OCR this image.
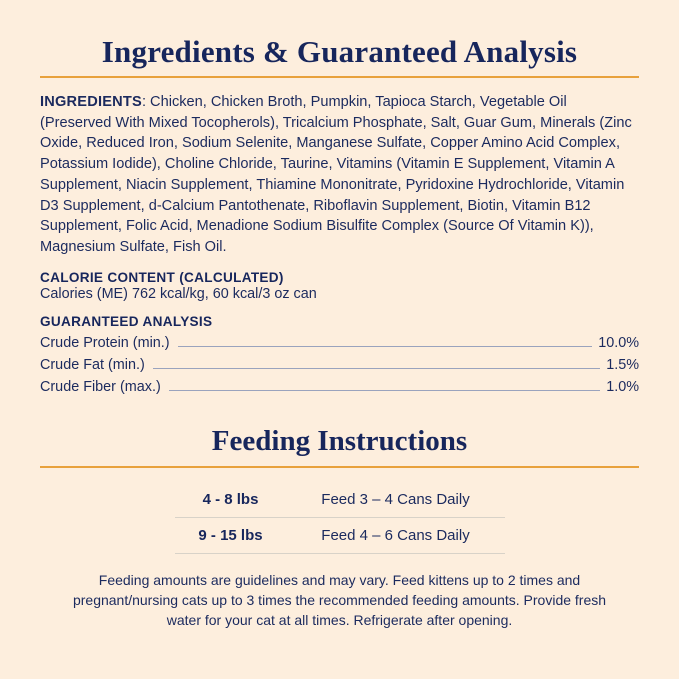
Ingredients & Guaranteed Analysis

INGREDIENTS: Chicken, Chicken Broth, Pumpkin, Tapioca Starch, Vegetable Oil (Preserved With Mixed Tocopherols), Tricalcium Phosphate, Salt, Guar Gum, Minerals (Zinc Oxide, Reduced Iron, Sodium Selenite, Manganese Sulfate, Copper Amino Acid Complex, Potassium Iodide), Choline Chloride, Taurine, Vitamins (Vitamin E Supplement, Vitamin A Supplement, Niacin Supplement, Thiamine Mononitrate, Pyridoxine Hydrochloride, Vitamin D3 Supplement, d-Calcium Pantothenate, Riboflavin Supplement, Biotin, Vitamin B12 Supplement, Folic Acid, Menadione Sodium Bisulfite Complex (Source Of Vitamin K)), Magnesium Sulfate, Fish Oil.

CALORIE CONTENT (CALCULATED)

Calories (ME) 762 kcal/kg, 60 kcal/3 oz can

GUARANTEED ANALYSIS
Crude Protein (min.)	10.0%
Crude Fat (min.)	1.5%
Crude Fiber (max.)	1.0%
Feeding Instructions
4 - 8 lbs	Feed 3 – 4 Cans Daily
9 - 15 lbs	Feed 4 – 6 Cans Daily

Feeding amounts are guidelines and may vary. Feed kittens up to 2 times and pregnant/nursing cats up to 3 times the recommended feeding amounts. Provide fresh water for your cat at all times. Refrigerate after opening.
